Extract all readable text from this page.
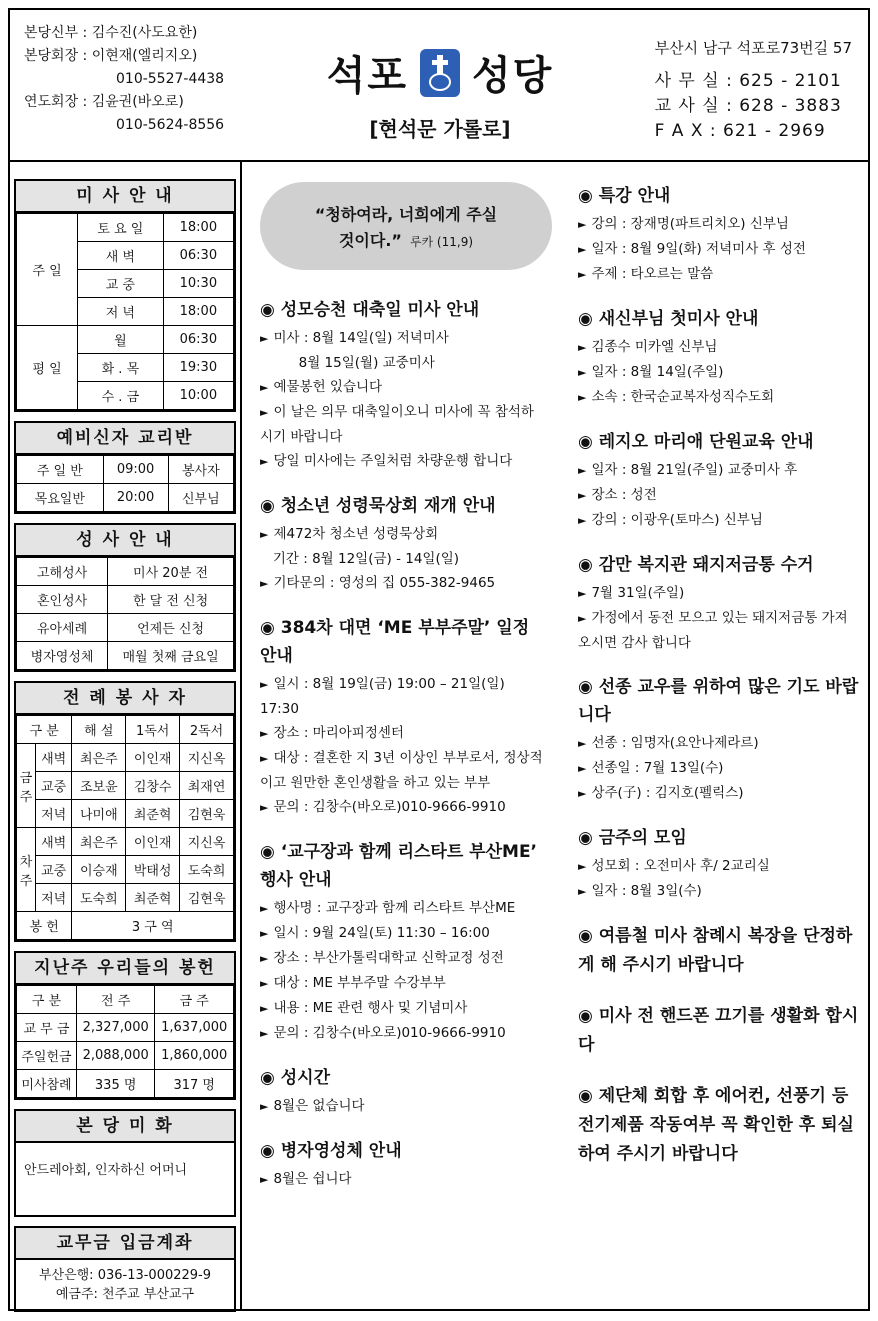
본당신부 : 김수진(사도요한)
본당회장 : 이현재(엘리지오)
010-5527-4438
연도회장 : 김윤권(바오로)
010-5624-8556
석포 성당
[현석문 가롤로]
부산시 남구 석포로73번길 57
사 무 실 : 625 - 2101
교 사 실 : 628 - 3883
F A X : 621 - 2969
미 사 안 내
주 일	토 요 일	18:00
	새 벽	06:30
	교 중	10:30
	저 녁	18:00
평 일	월	06:30
	화 . 목	19:30
	수 . 금	10:00
예비신자 교리반
주 일 반	09:00	봉사자
목요일반	20:00	신부님
성 사 안 내
고해성사	미사 20분 전
혼인성사	한 달 전 신청
유아세례	언제든 신청
병자영성체	매월 첫째 금요일
전 례 봉 사 자
구 분		해 설	1독서	2독서
금주	새벽	최은주	이인재	지신옥
	교중	조보윤	김창수	최재연
	저녁	나미애	최준혁	김현욱
차주	새벽	최은주	이인재	지신옥
	교중	이승재	박태성	도숙희
	저녁	도숙희	최준혁	김현욱
봉 헌		3 구 역		
지난주 우리들의 봉헌
구 분	전 주	금 주
교 무 금	2,327,000	1,637,000
주일헌금	2,088,000	1,860,000
미사참례	335 명	317 명
본 당 미 화
안드레아회, 인자하신 어머니
교무금 입금계좌
부산은행: 036-13-000229-9
예금주: 천주교 부산교구
“청하여라, 너희에게 주실
것이다.” 루카 (11,9)
◉ 성모승천 대축일 미사 안내
► 미사 : 8월 14일(일) 저녁미사
8월 15일(월) 교중미사
► 예물봉헌 있습니다
► 이 날은 의무 대축일이오니 미사에 꼭 참석하시기 바랍니다
► 당일 미사에는 주일처럼 차량운행 합니다
◉ 청소년 성령묵상회 재개 안내
► 제472차 청소년 성령묵상회
기간 : 8월 12일(금) - 14일(일)
► 기타문의 : 영성의 집 055-382-9465
◉ 384차 대면 ‘ME 부부주말’ 일정 안내
► 일시 : 8월 19일(금) 19:00 – 21일(일) 17:30
► 장소 : 마리아피정센터
► 대상 : 결혼한 지 3년 이상인 부부로서, 정상적이고 원만한 혼인생활을 하고 있는 부부
► 문의 : 김창수(바오로)010-9666-9910
◉ ‘교구장과 함께 리스타트 부산ME’ 행사 안내
► 행사명 : 교구장과 함께 리스타트 부산ME
► 일시 : 9월 24일(토) 11:30 – 16:00
► 장소 : 부산가톨릭대학교 신학교정 성전
► 대상 : ME 부부주말 수강부부
► 내용 : ME 관련 행사 및 기념미사
► 문의 : 김창수(바오로)010-9666-9910
◉ 성시간
► 8월은 없습니다
◉ 병자영성체 안내
► 8월은 쉽니다
◉ 특강 안내
► 강의 : 장재명(파트리치오) 신부님
► 일자 : 8월 9일(화) 저녁미사 후 성전
► 주제 : 타오르는 말씀
◉ 새신부님 첫미사 안내
► 김종수 미카엘 신부님
► 일자 : 8월 14일(주일)
► 소속 : 한국순교복자성직수도회
◉ 레지오 마리애 단원교육 안내
► 일자 : 8월 21일(주일) 교중미사 후
► 장소 : 성전
► 강의 : 이광우(토마스) 신부님
◉ 감만 복지관 돼지저금통 수거
► 7월 31일(주일)
► 가정에서 동전 모으고 있는 돼지저금통 가져오시면 감사 합니다
◉ 선종 교우를 위하여 많은 기도 바랍니다
► 선종 : 임명자(요안나제라르)
► 선종일 : 7월 13일(수)
► 상주(子) : 김지호(펠릭스)
◉ 금주의 모임
► 성모회 : 오전미사 후/ 2교리실
► 일자 : 8월 3일(수)
◉ 여름철 미사 참례시 복장을 단정하게 해 주시기 바랍니다
◉ 미사 전 핸드폰 끄기를 생활화 합시다
◉ 제단체 회합 후 에어컨, 선풍기 등 전기제품 작동여부 꼭 확인한 후 퇴실하여 주시기 바랍니다
